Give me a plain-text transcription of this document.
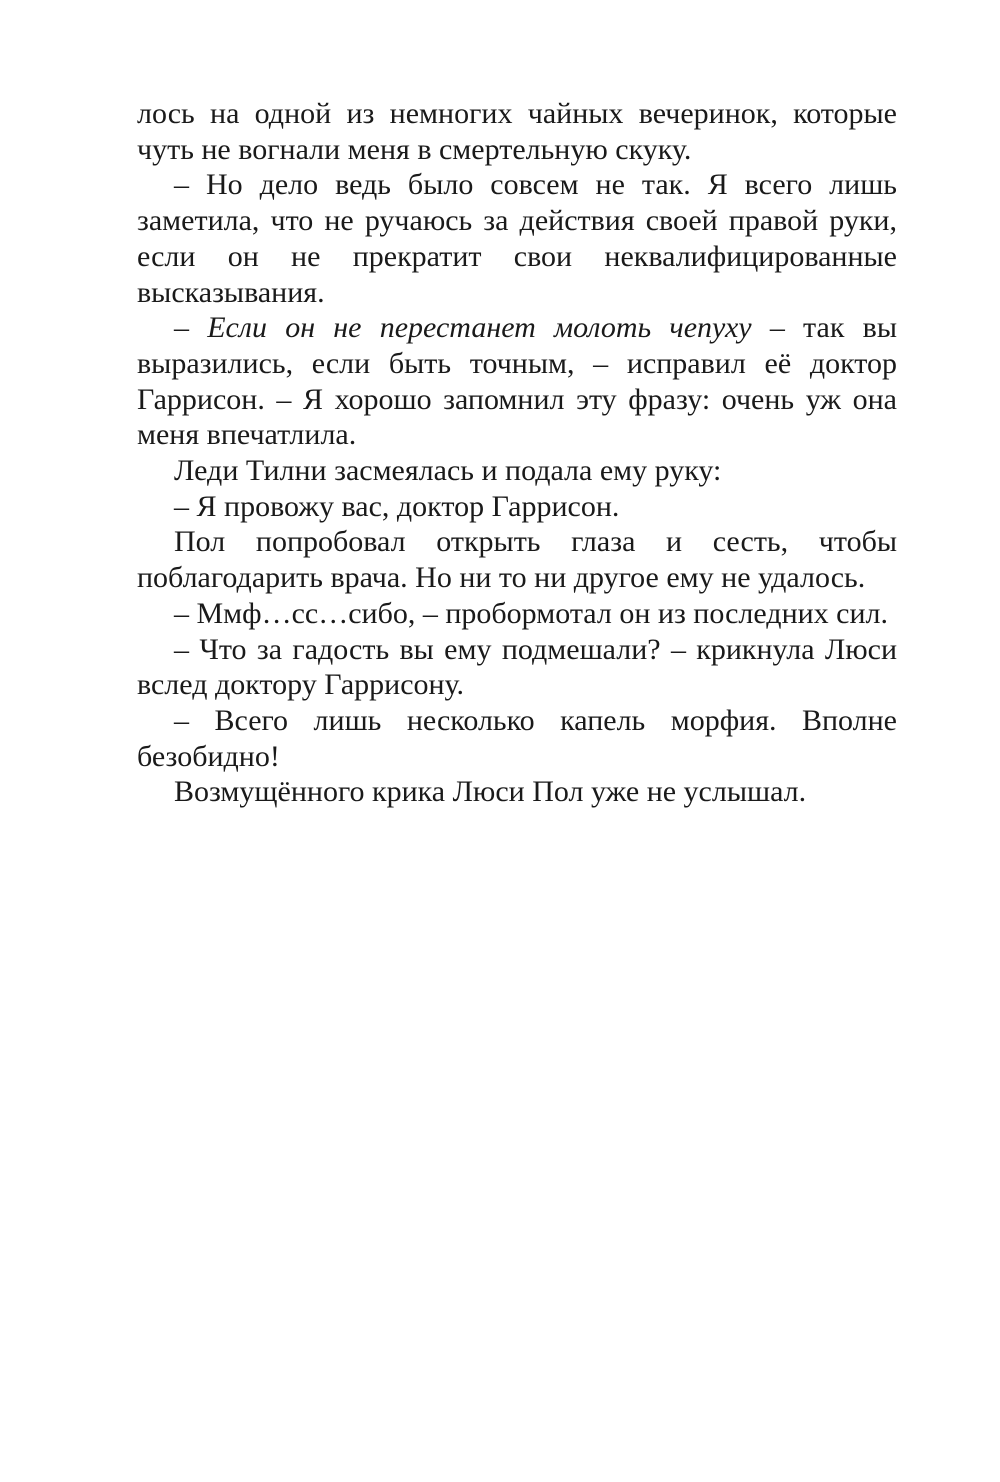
лось на одной из немногих чайных вечеринок, которые чуть не вогнали меня в смертельную скуку.

– Но дело ведь было совсем не так. Я всего лишь заметила, что не ручаюсь за действия своей правой руки, если он не прекратит свои неквалифицированные высказывания.

– Если он не перестанет молоть чепуху – так вы выразились, если быть точным, – исправил её доктор Гаррисон. – Я хорошо запомнил эту фразу: очень уж она меня впечатлила.

Леди Тилни засмеялась и подала ему руку:

– Я провожу вас, доктор Гаррисон.

Пол попробовал открыть глаза и сесть, чтобы поблагодарить врача. Но ни то ни другое ему не удалось.

– Ммф…сс…сибо, – пробормотал он из последних сил.

– Что за гадость вы ему подмешали? – крикнула Люси вслед доктору Гаррисону.

– Всего лишь несколько капель морфия. Вполне безобидно!

Возмущённого крика Люси Пол уже не услышал.
